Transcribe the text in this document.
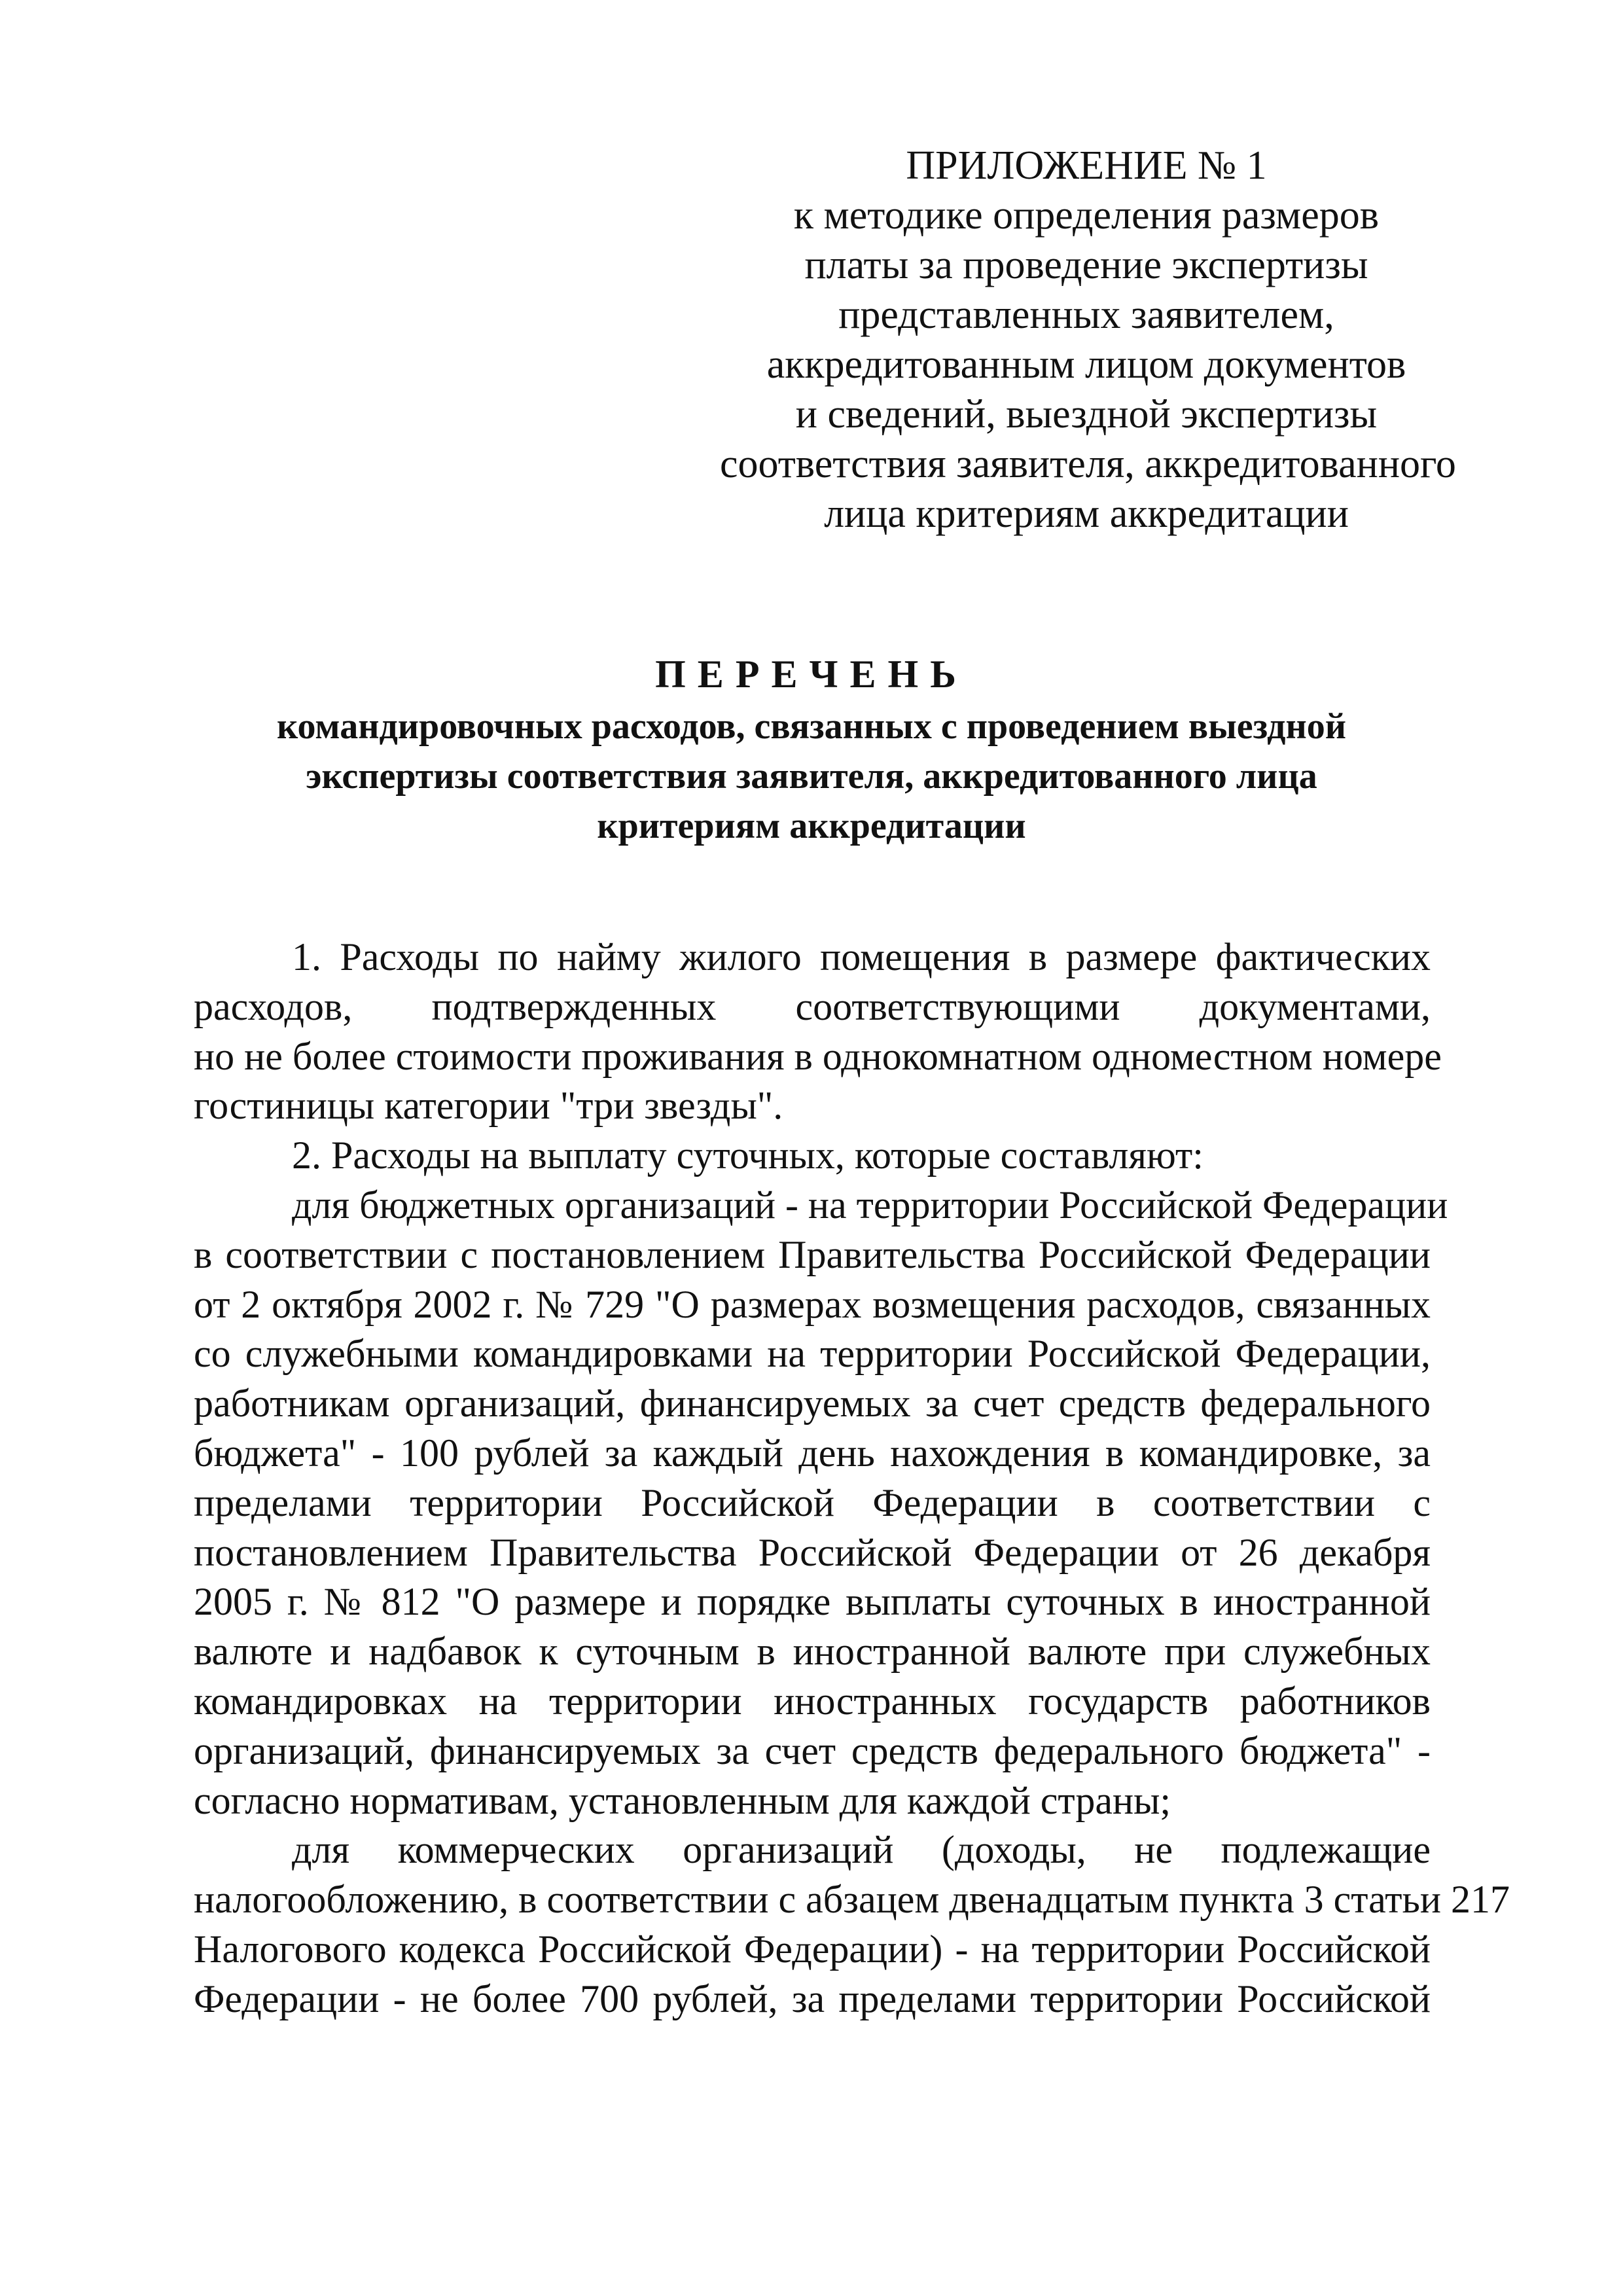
ПРИЛОЖЕНИЕ № 1
к методике определения размеров
платы за проведение экспертизы
представленных заявителем,
аккредитованным лицом документов
и сведений, выездной экспертизы
соответствия заявителя, аккредитованного
лица критериям аккредитации
ПЕРЕЧЕНЬ
командировочных расходов, связанных с проведением выездной
экспертизы соответствия заявителя, аккредитованного лица
критериям аккредитации
1. Расходы по найму жилого помещения в размере фактических
расходов, подтвержденных соответствующими документами,
но не более стоимости проживания в однокомнатном одноместном номере
гостиницы категории "три звезды".
2. Расходы на выплату суточных, которые составляют:
для бюджетных организаций - на территории Российской Федерации
в соответствии с постановлением Правительства Российской Федерации
от 2 октября 2002 г. № 729 "О размерах возмещения расходов, связанных
со служебными командировками на территории Российской Федерации,
работникам организаций, финансируемых за счет средств федерального
бюджета" - 100 рублей за каждый день нахождения в командировке, за
пределами территории Российской Федерации в соответствии с
постановлением Правительства Российской Федерации от 26 декабря
2005 г. № 812 "О размере и порядке выплаты суточных в иностранной
валюте и надбавок к суточным в иностранной валюте при служебных
командировках на территории иностранных государств работников
организаций, финансируемых за счет средств федерального бюджета" -
согласно нормативам, установленным для каждой страны;
для коммерческих организаций (доходы, не подлежащие
налогообложению, в соответствии с абзацем двенадцатым пункта 3 статьи 217
Налогового кодекса Российской Федерации) - на территории Российской
Федерации - не более 700 рублей, за пределами территории Российской
